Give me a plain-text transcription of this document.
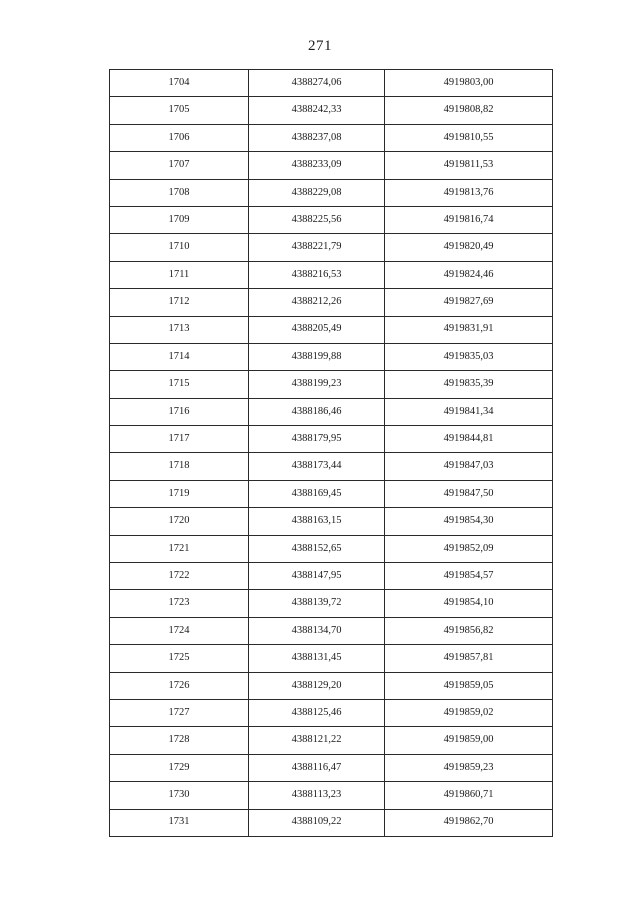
271
1704	4388274,06	4919803,00
1705	4388242,33	4919808,82
1706	4388237,08	4919810,55
1707	4388233,09	4919811,53
1708	4388229,08	4919813,76
1709	4388225,56	4919816,74
1710	4388221,79	4919820,49
1711	4388216,53	4919824,46
1712	4388212,26	4919827,69
1713	4388205,49	4919831,91
1714	4388199,88	4919835,03
1715	4388199,23	4919835,39
1716	4388186,46	4919841,34
1717	4388179,95	4919844,81
1718	4388173,44	4919847,03
1719	4388169,45	4919847,50
1720	4388163,15	4919854,30
1721	4388152,65	4919852,09
1722	4388147,95	4919854,57
1723	4388139,72	4919854,10
1724	4388134,70	4919856,82
1725	4388131,45	4919857,81
1726	4388129,20	4919859,05
1727	4388125,46	4919859,02
1728	4388121,22	4919859,00
1729	4388116,47	4919859,23
1730	4388113,23	4919860,71
1731	4388109,22	4919862,70
